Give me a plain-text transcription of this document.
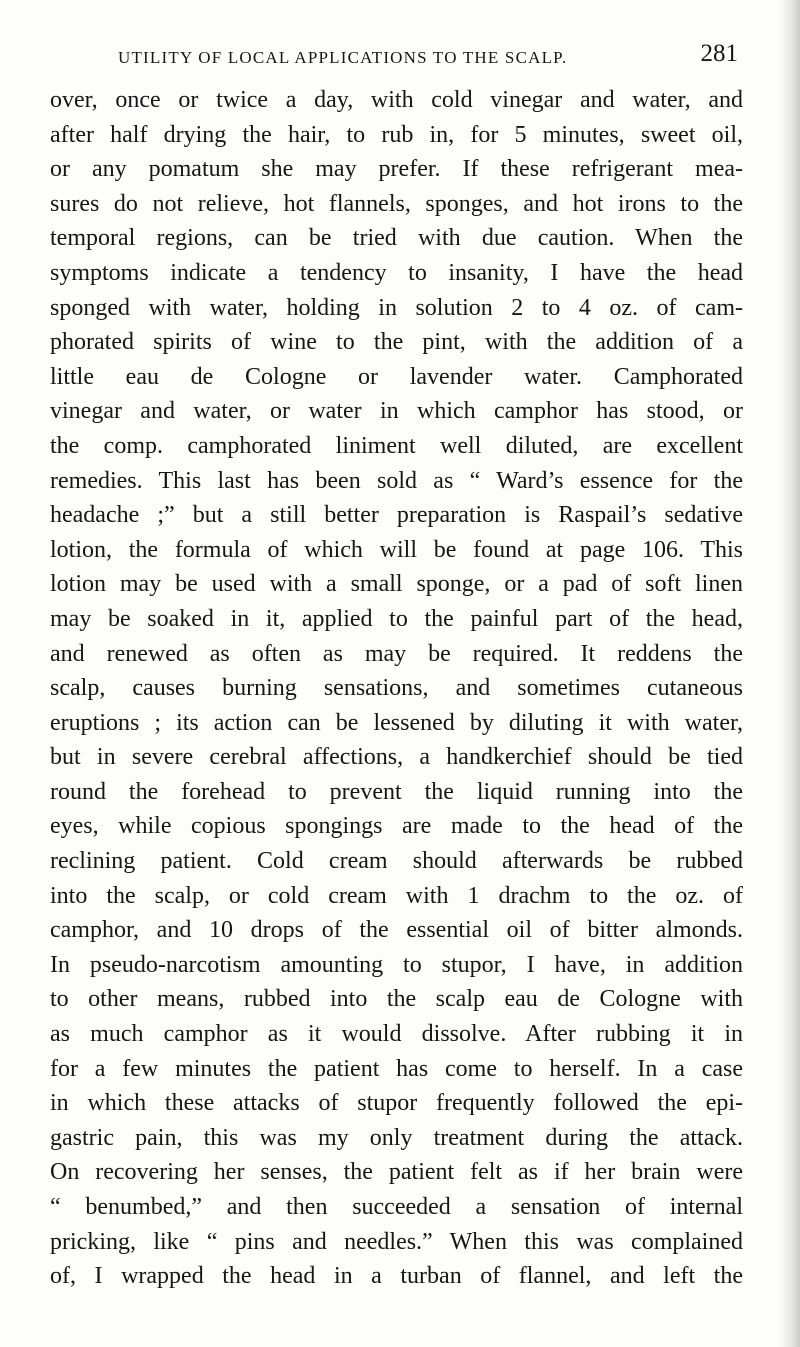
UTILITY OF LOCAL APPLICATIONS TO THE SCALP.	281
over, once or twice a day, with cold vinegar and water, and
after half drying the hair, to rub in, for 5 minutes, sweet oil,
or any pomatum she may prefer. If these refrigerant mea-
sures do not relieve, hot flannels, sponges, and hot irons to the
temporal regions, can be tried with due caution. When the
symptoms indicate a tendency to insanity, I have the head
sponged with water, holding in solution 2 to 4 oz. of cam-
phorated spirits of wine to the pint, with the addition of a
little eau de Cologne or lavender water. Camphorated
vinegar and water, or water in which camphor has stood, or
the comp. camphorated liniment well diluted, are excellent
remedies. This last has been sold as “ Ward’s essence for the
headache ;” but a still better preparation is Raspail’s sedative
lotion, the formula of which will be found at page 106. This
lotion may be used with a small sponge, or a pad of soft linen
may be soaked in it, applied to the painful part of the head,
and renewed as often as may be required. It reddens the
scalp, causes burning sensations, and sometimes cutaneous
eruptions ; its action can be lessened by diluting it with water,
but in severe cerebral affections, a handkerchief should be tied
round the forehead to prevent the liquid running into the
eyes, while copious spongings are made to the head of the
reclining patient. Cold cream should afterwards be rubbed
into the scalp, or cold cream with 1 drachm to the oz. of
camphor, and 10 drops of the essential oil of bitter almonds.
In pseudo-narcotism amounting to stupor, I have, in addition
to other means, rubbed into the scalp eau de Cologne with
as much camphor as it would dissolve. After rubbing it in
for a few minutes the patient has come to herself. In a case
in which these attacks of stupor frequently followed the epi-
gastric pain, this was my only treatment during the attack.
On recovering her senses, the patient felt as if her brain were
“ benumbed,” and then succeeded a sensation of internal
pricking, like “ pins and needles.” When this was complained
of, I wrapped the head in a turban of flannel, and left the
